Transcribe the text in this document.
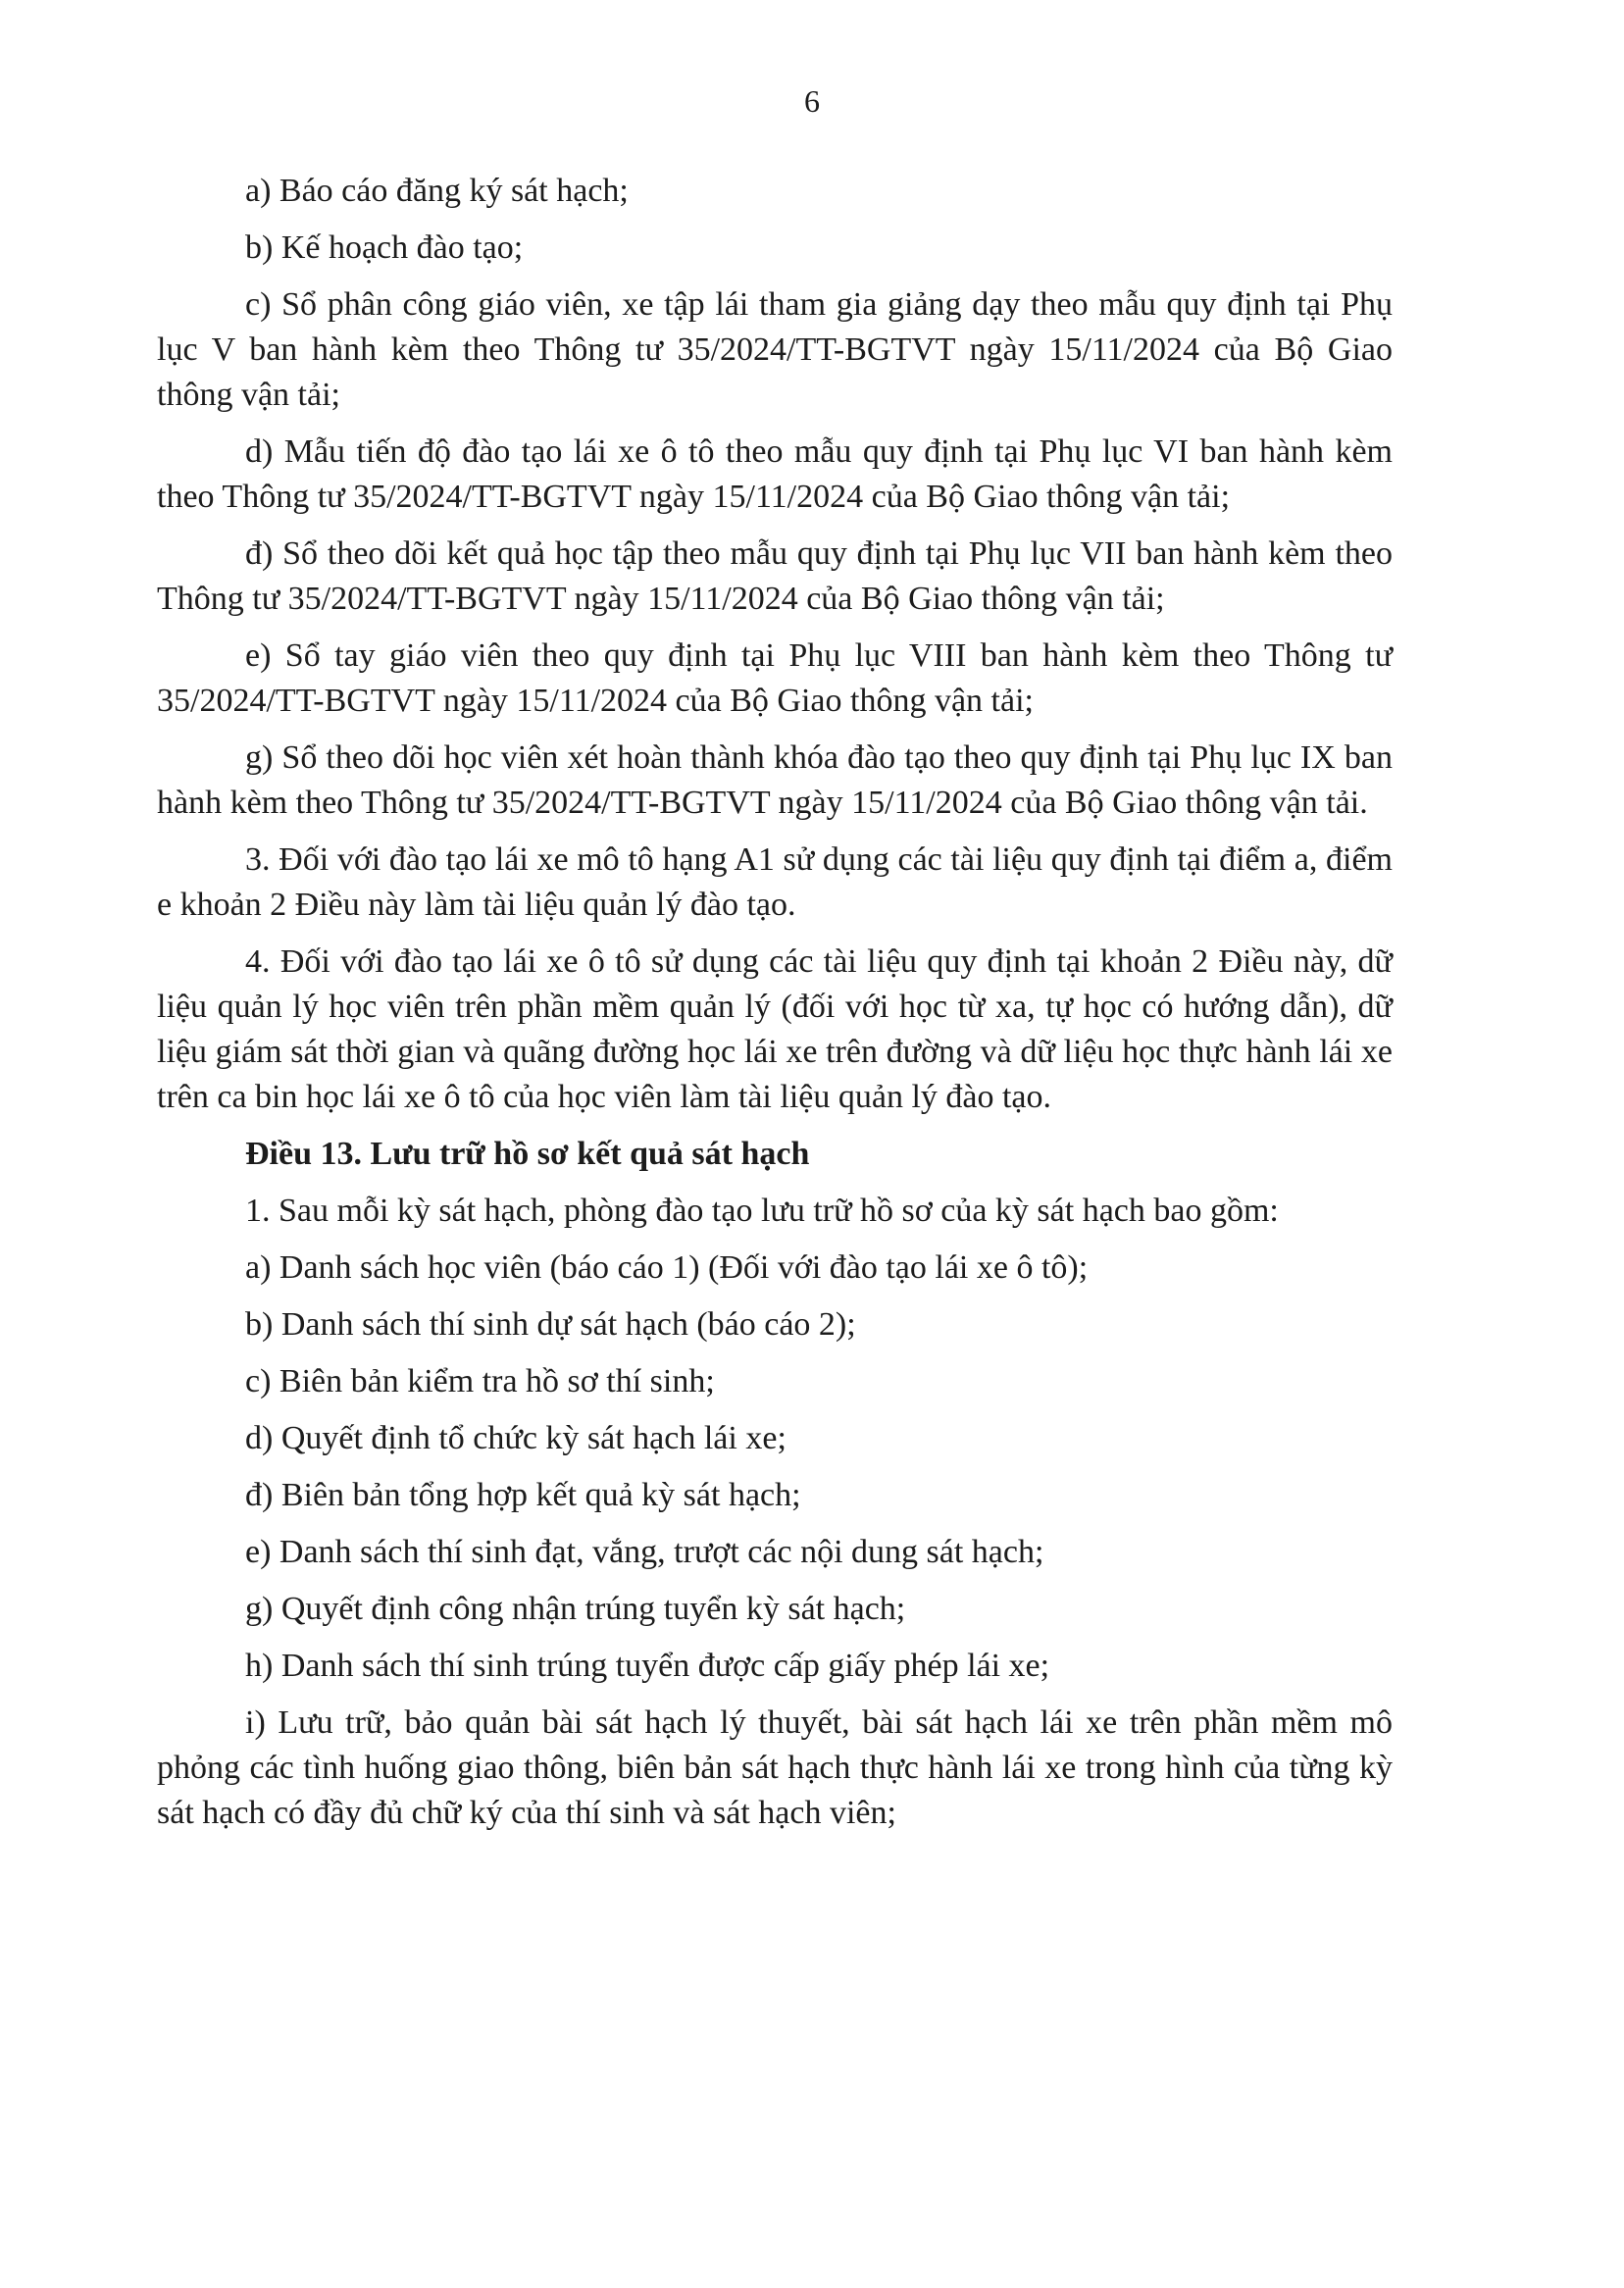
6

a) Báo cáo đăng ký sát hạch;

b) Kế hoạch đào tạo;

c) Sổ phân công giáo viên, xe tập lái tham gia giảng dạy theo mẫu quy định tại Phụ lục V ban hành kèm theo Thông tư 35/2024/TT-BGTVT ngày 15/11/2024 của Bộ Giao thông vận tải;

d) Mẫu tiến độ đào tạo lái xe ô tô theo mẫu quy định tại Phụ lục VI ban hành kèm theo Thông tư 35/2024/TT-BGTVT ngày 15/11/2024 của Bộ Giao thông vận tải;

đ) Sổ theo dõi kết quả học tập theo mẫu quy định tại Phụ lục VII ban hành kèm theo Thông tư 35/2024/TT-BGTVT ngày 15/11/2024 của Bộ Giao thông vận tải;

e) Sổ tay giáo viên theo quy định tại Phụ lục VIII ban hành kèm theo Thông tư 35/2024/TT-BGTVT ngày 15/11/2024 của Bộ Giao thông vận tải;

g) Sổ theo dõi học viên xét hoàn thành khóa đào tạo theo quy định tại Phụ lục IX ban hành kèm theo Thông tư 35/2024/TT-BGTVT ngày 15/11/2024 của Bộ Giao thông vận tải.

3. Đối với đào tạo lái xe mô tô hạng A1 sử dụng các tài liệu quy định tại điểm a, điểm e khoản 2 Điều này làm tài liệu quản lý đào tạo.

4. Đối với đào tạo lái xe ô tô sử dụng các tài liệu quy định tại khoản 2 Điều này, dữ liệu quản lý học viên trên phần mềm quản lý (đối với học từ xa, tự học có hướng dẫn), dữ liệu giám sát thời gian và quãng đường học lái xe trên đường và dữ liệu học thực hành lái xe trên ca bin học lái xe ô tô của học viên làm tài liệu quản lý đào tạo.

Điều 13. Lưu trữ hồ sơ kết quả sát hạch

1. Sau mỗi kỳ sát hạch, phòng đào tạo lưu trữ hồ sơ của kỳ sát hạch bao gồm:

a) Danh sách học viên (báo cáo 1) (Đối với đào tạo lái xe ô tô);

b) Danh sách thí sinh dự sát hạch (báo cáo 2);

c) Biên bản kiểm tra hồ sơ thí sinh;

d) Quyết định tổ chức kỳ sát hạch lái xe;

đ) Biên bản tổng hợp kết quả kỳ sát hạch;

e) Danh sách thí sinh đạt, vắng, trượt các nội dung sát hạch;

g) Quyết định công nhận trúng tuyển kỳ sát hạch;

h) Danh sách thí sinh trúng tuyển được cấp giấy phép lái xe;

i) Lưu trữ, bảo quản bài sát hạch lý thuyết, bài sát hạch lái xe trên phần mềm mô phỏng các tình huống giao thông, biên bản sát hạch thực hành lái xe trong hình của từng kỳ sát hạch có đầy đủ chữ ký của thí sinh và sát hạch viên;
